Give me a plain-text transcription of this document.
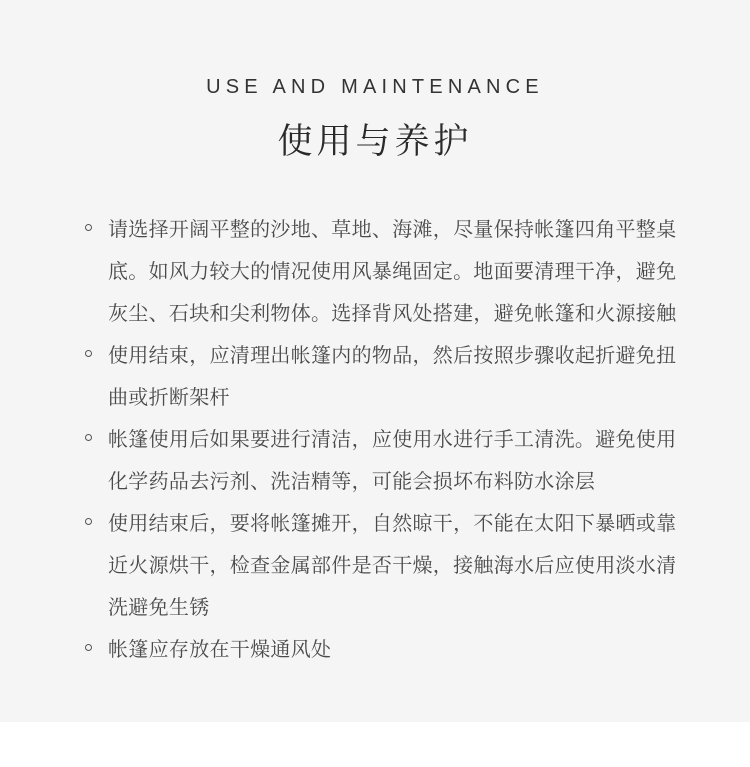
USE AND MAINTENANCE
使用与养护
请选择开阔平整的沙地、草地、海滩，尽量保持帐篷四角平整桌底。如风力较大的情况使用风暴绳固定。地面要清理干净，避免灰尘、石块和尖利物体。选择背风处搭建，避免帐篷和火源接触
使用结束，应清理出帐篷内的物品，然后按照步骤收起折避免扭曲或折断架杆
帐篷使用后如果要进行清洁，应使用水进行手工清洗。避免使用化学药品去污剂、洗洁精等，可能会损坏布料防水涂层
使用结束后，要将帐篷摊开，自然晾干，不能在太阳下暴晒或靠近火源烘干，检查金属部件是否干燥，接触海水后应使用淡水清洗避免生锈
帐篷应存放在干燥通风处
